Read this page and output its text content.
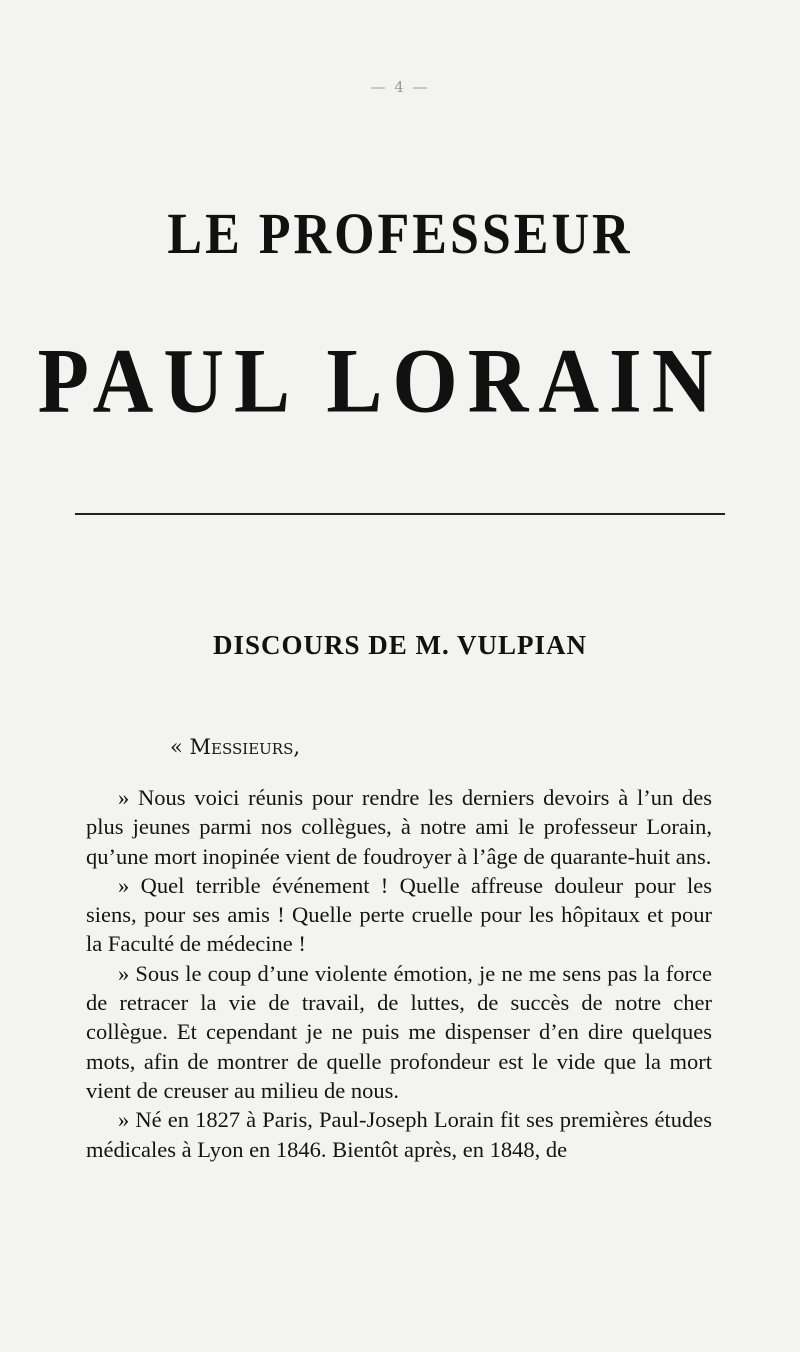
— 4 —
LE PROFESSEUR
PAUL LORAIN
DISCOURS DE M. VULPIAN
« Messieurs,

» Nous voici réunis pour rendre les derniers devoirs à l’un des plus jeunes parmi nos collègues, à notre ami le professeur Lorain, qu’une mort inopinée vient de foudroyer à l’âge de quarante-huit ans.

» Quel terrible événement ! Quelle affreuse douleur pour les siens, pour ses amis ! Quelle perte cruelle pour les hôpitaux et pour la Faculté de médecine !

» Sous le coup d’une violente émotion, je ne me sens pas la force de retracer la vie de travail, de luttes, de succès de notre cher collègue. Et cependant je ne puis me dispenser d’en dire quelques mots, afin de montrer de quelle profondeur est le vide que la mort vient de creuser au milieu de nous.

» Né en 1827 à Paris, Paul-Joseph Lorain fit ses premières études médicales à Lyon en 1846. Bientôt après, en 1848, de
